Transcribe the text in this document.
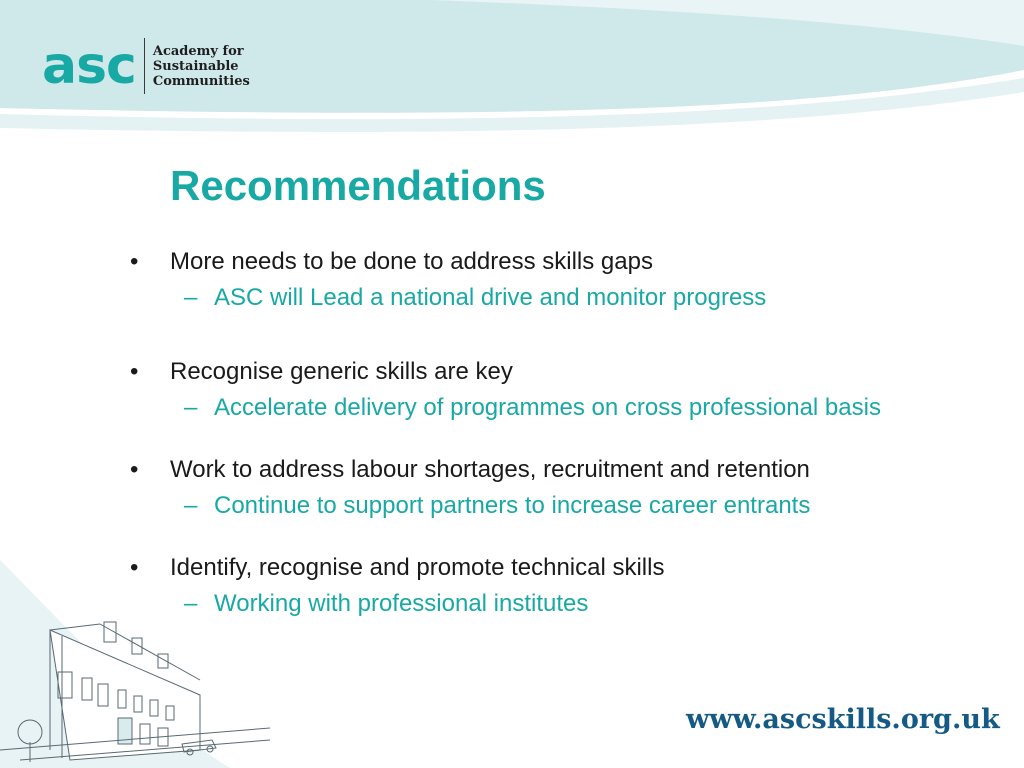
asc Academy for
Sustainable
Communities
Recommendations
•	More needs to be done to address skills gaps
– ASC will Lead a national drive and monitor progress
•	Recognise generic skills are key
– Accelerate delivery of programmes on cross professional basis
•	Work to address labour shortages, recruitment and retention
– Continue to support partners to increase career entrants
•	Identify, recognise and promote technical skills
– Working with professional institutes
www.ascskills.org.uk
